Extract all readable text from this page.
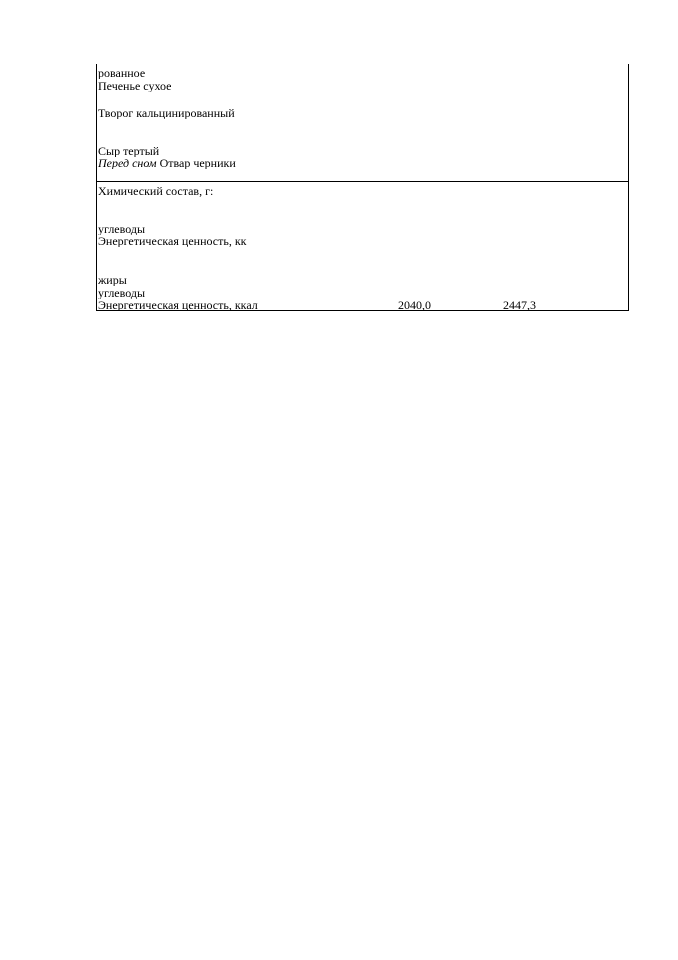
рованное
Печенье сухое
Творог кальцинированный
Сыр тертый
Перед сном Отвар черники
Химический состав, г:
углеводы
Энергетическая ценность, кк
жиры
углеводы
Энергетическая ценность, ккал	2040,0	2447,3
